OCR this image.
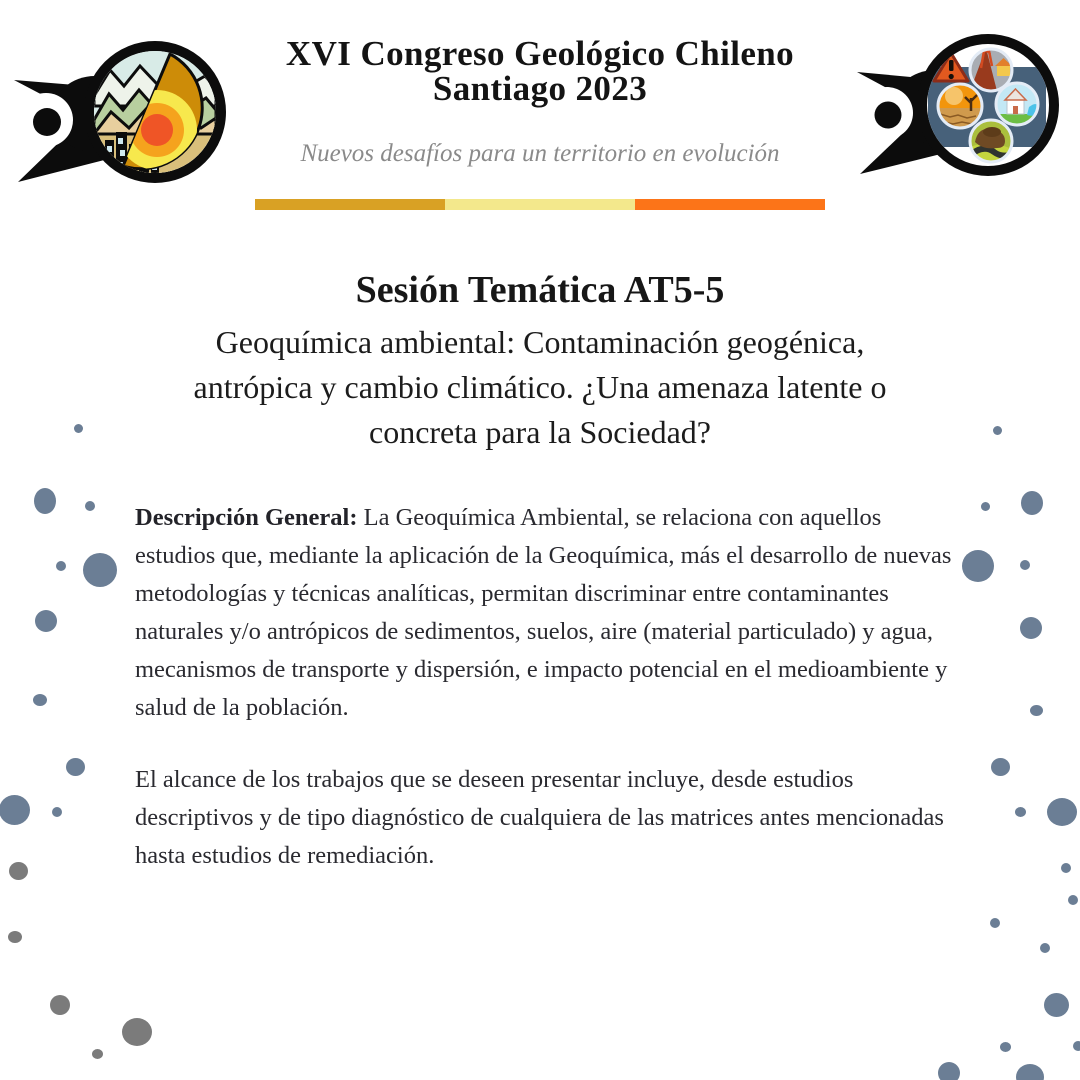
XVI Congreso Geológico Chileno
Santiago 2023

Nuevos desafíos para un territorio en evolución

Sesión Temática AT5-5
Geoquímica ambiental: Contaminación geogénica,
antrópica y cambio climático. ¿Una amenaza latente o
concreta para la Sociedad?

Descripción General: La Geoquímica Ambiental, se relaciona con aquellos estudios que, mediante la aplicación de la Geoquímica, más el desarrollo de nuevas metodologías y técnicas analíticas, permitan discriminar entre contaminantes naturales y/o antrópicos de sedimentos, suelos, aire (material particulado) y agua, mecanismos de transporte y dispersión, e impacto potencial en el medioambiente y salud de la población.

El alcance de los trabajos que se deseen presentar incluye, desde estudios descriptivos y de tipo diagnóstico de cualquiera de las matrices antes mencionadas hasta estudios de remediación.
